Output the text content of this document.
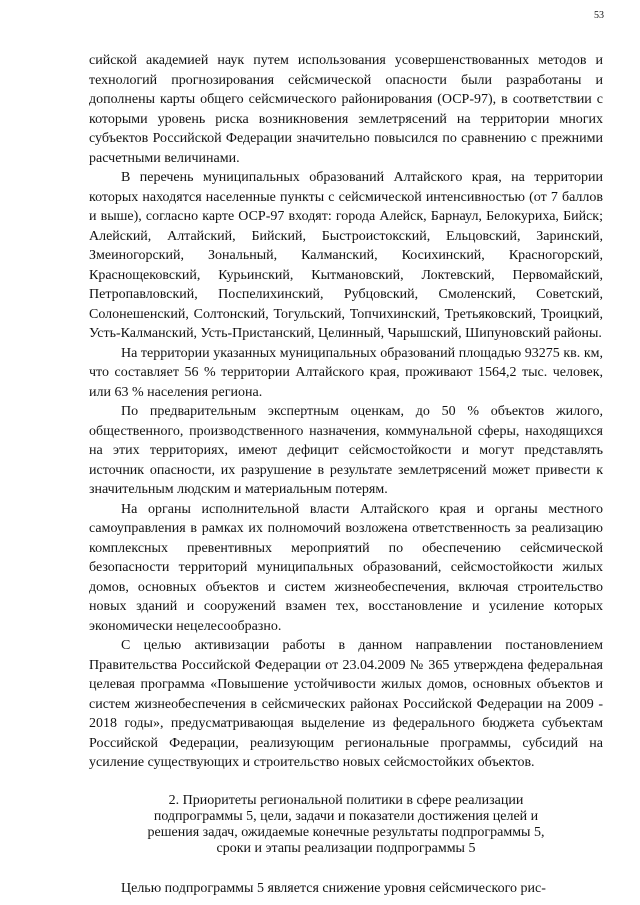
53

сийской академией наук путем использования усовершенствованных методов и технологий прогнозирования сейсмической опасности были разработаны и дополнены карты общего сейсмического районирования (ОСР-97), в соответствии с которыми уровень риска возникновения землетрясений на территории многих субъектов Российской Федерации значительно повысился по сравнению с прежними расчетными величинами.

В перечень муниципальных образований Алтайского края, на территории которых находятся населенные пункты с сейсмической интенсивностью (от 7 баллов и выше), согласно карте ОСР-97 входят: города Алейск, Барнаул, Белокуриха, Бийск; Алейский, Алтайский, Бийский, Быстроистокский, Ельцовский, Заринский, Змеиногорский, Зональный, Калманский, Косихинский, Красногорский, Краснощековский, Курьинский, Кытмановский, Локтевский, Первомайский, Петропавловский, Поспелихинский, Рубцовский, Смоленский, Советский, Солонешенский, Солтонский, Тогульский, Топчихинский, Третьяковский, Троицкий, Усть-Калманский, Усть-Пристанский, Целинный, Чарышский, Шипуновский районы.

На территории указанных муниципальных образований площадью 93275 кв. км, что составляет 56 % территории Алтайского края, проживают 1564,2 тыс. человек, или 63 % населения региона.

По предварительным экспертным оценкам, до 50 % объектов жилого, общественного, производственного назначения, коммунальной сферы, находящихся на этих территориях, имеют дефицит сейсмостойкости и могут представлять источник опасности, их разрушение в результате землетрясений может привести к значительным людским и материальным потерям.

На органы исполнительной власти Алтайского края и органы местного самоуправления в рамках их полномочий возложена ответственность за реализацию комплексных превентивных мероприятий по обеспечению сейсмической безопасности территорий муниципальных образований, сейсмостойкости жилых домов, основных объектов и систем жизнеобеспечения, включая строительство новых зданий и сооружений взамен тех, восстановление и усиление которых экономически нецелесообразно.

С целью активизации работы в данном направлении постановлением Правительства Российской Федерации от 23.04.2009 № 365 утверждена федеральная целевая программа «Повышение устойчивости жилых домов, основных объектов и систем жизнеобеспечения в сейсмических районах Российской Федерации на 2009 - 2018 годы», предусматривающая выделение из федерального бюджета субъектам Российской Федерации, реализующим региональные программы, субсидий на усиление существующих и строительство новых сейсмостойких объектов.

2. Приоритеты региональной политики в сфере реализации
подпрограммы 5, цели, задачи и показатели достижения целей и
решения задач, ожидаемые конечные результаты подпрограммы 5,
сроки и этапы реализации подпрограммы 5

Целью подпрограммы 5 является снижение уровня сейсмического рис-
